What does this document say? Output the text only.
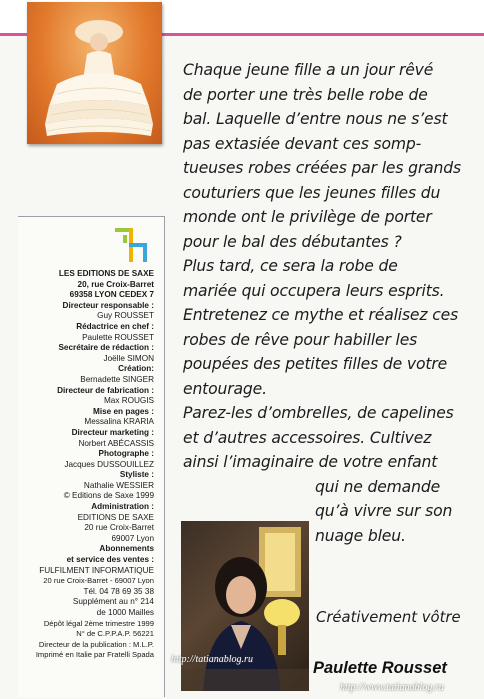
LES EDITIONS DE SAXE
20, rue Croix-Barret
69358 LYON CEDEX 7
Directeur responsable :
Guy ROUSSET
Rédactrice en chef :
Paulette ROUSSET
Secrétaire de rédaction :
Joëlle SIMON
Création:
Bernadette SINGER
Directeur de fabrication :
Max ROUGIS
Mise en pages :
Messalina KRARIA
Directeur marketing :
Norbert ABÉCASSIS
Photographe :
Jacques DUSSOUILLEZ
Styliste :
Nathalie WESSIER
© Editions de Saxe 1999
Administration :
EDITIONS DE SAXE
20 rue Croix-Barret
69007 Lyon
Abonnements
et service des ventes :
FULFILMENT INFORMATIQUE
20 rue Croix-Barret - 69007 Lyon
Tél. 04 78 69 35 38
Supplément au n° 214
de 1000 Mailles
Dépôt légal 2ème trimestre 1999
N° de C.P.P.A.P. 56221
Directeur de la publication : M.L.P.
Imprimé en Italie par Fratelli Spada

Chaque jeune fille a un jour rêvé

de porter une très belle robe de

bal. Laquelle d’entre nous ne s’est

pas extasiée devant ces somp-

tueuses robes créées par les grands

couturiers que les jeunes filles du

monde ont le privilège de porter

pour le bal des débutantes ?

Plus tard, ce sera la robe de

mariée qui occupera leurs esprits.

Entretenez ce mythe et réalisez ces

robes de rêve pour habiller les

poupées des petites filles de votre

entourage.

Parez-les d’ombrelles, de capelines

et d’autres accessoires. Cultivez

ainsi l’imaginaire de votre enfant

qui ne demande

qu’à vivre sur son

nuage bleu.

Créativement vôtre
Paulette Rousset
http://tatianablog.ru
http://www.tatianablog.ru
